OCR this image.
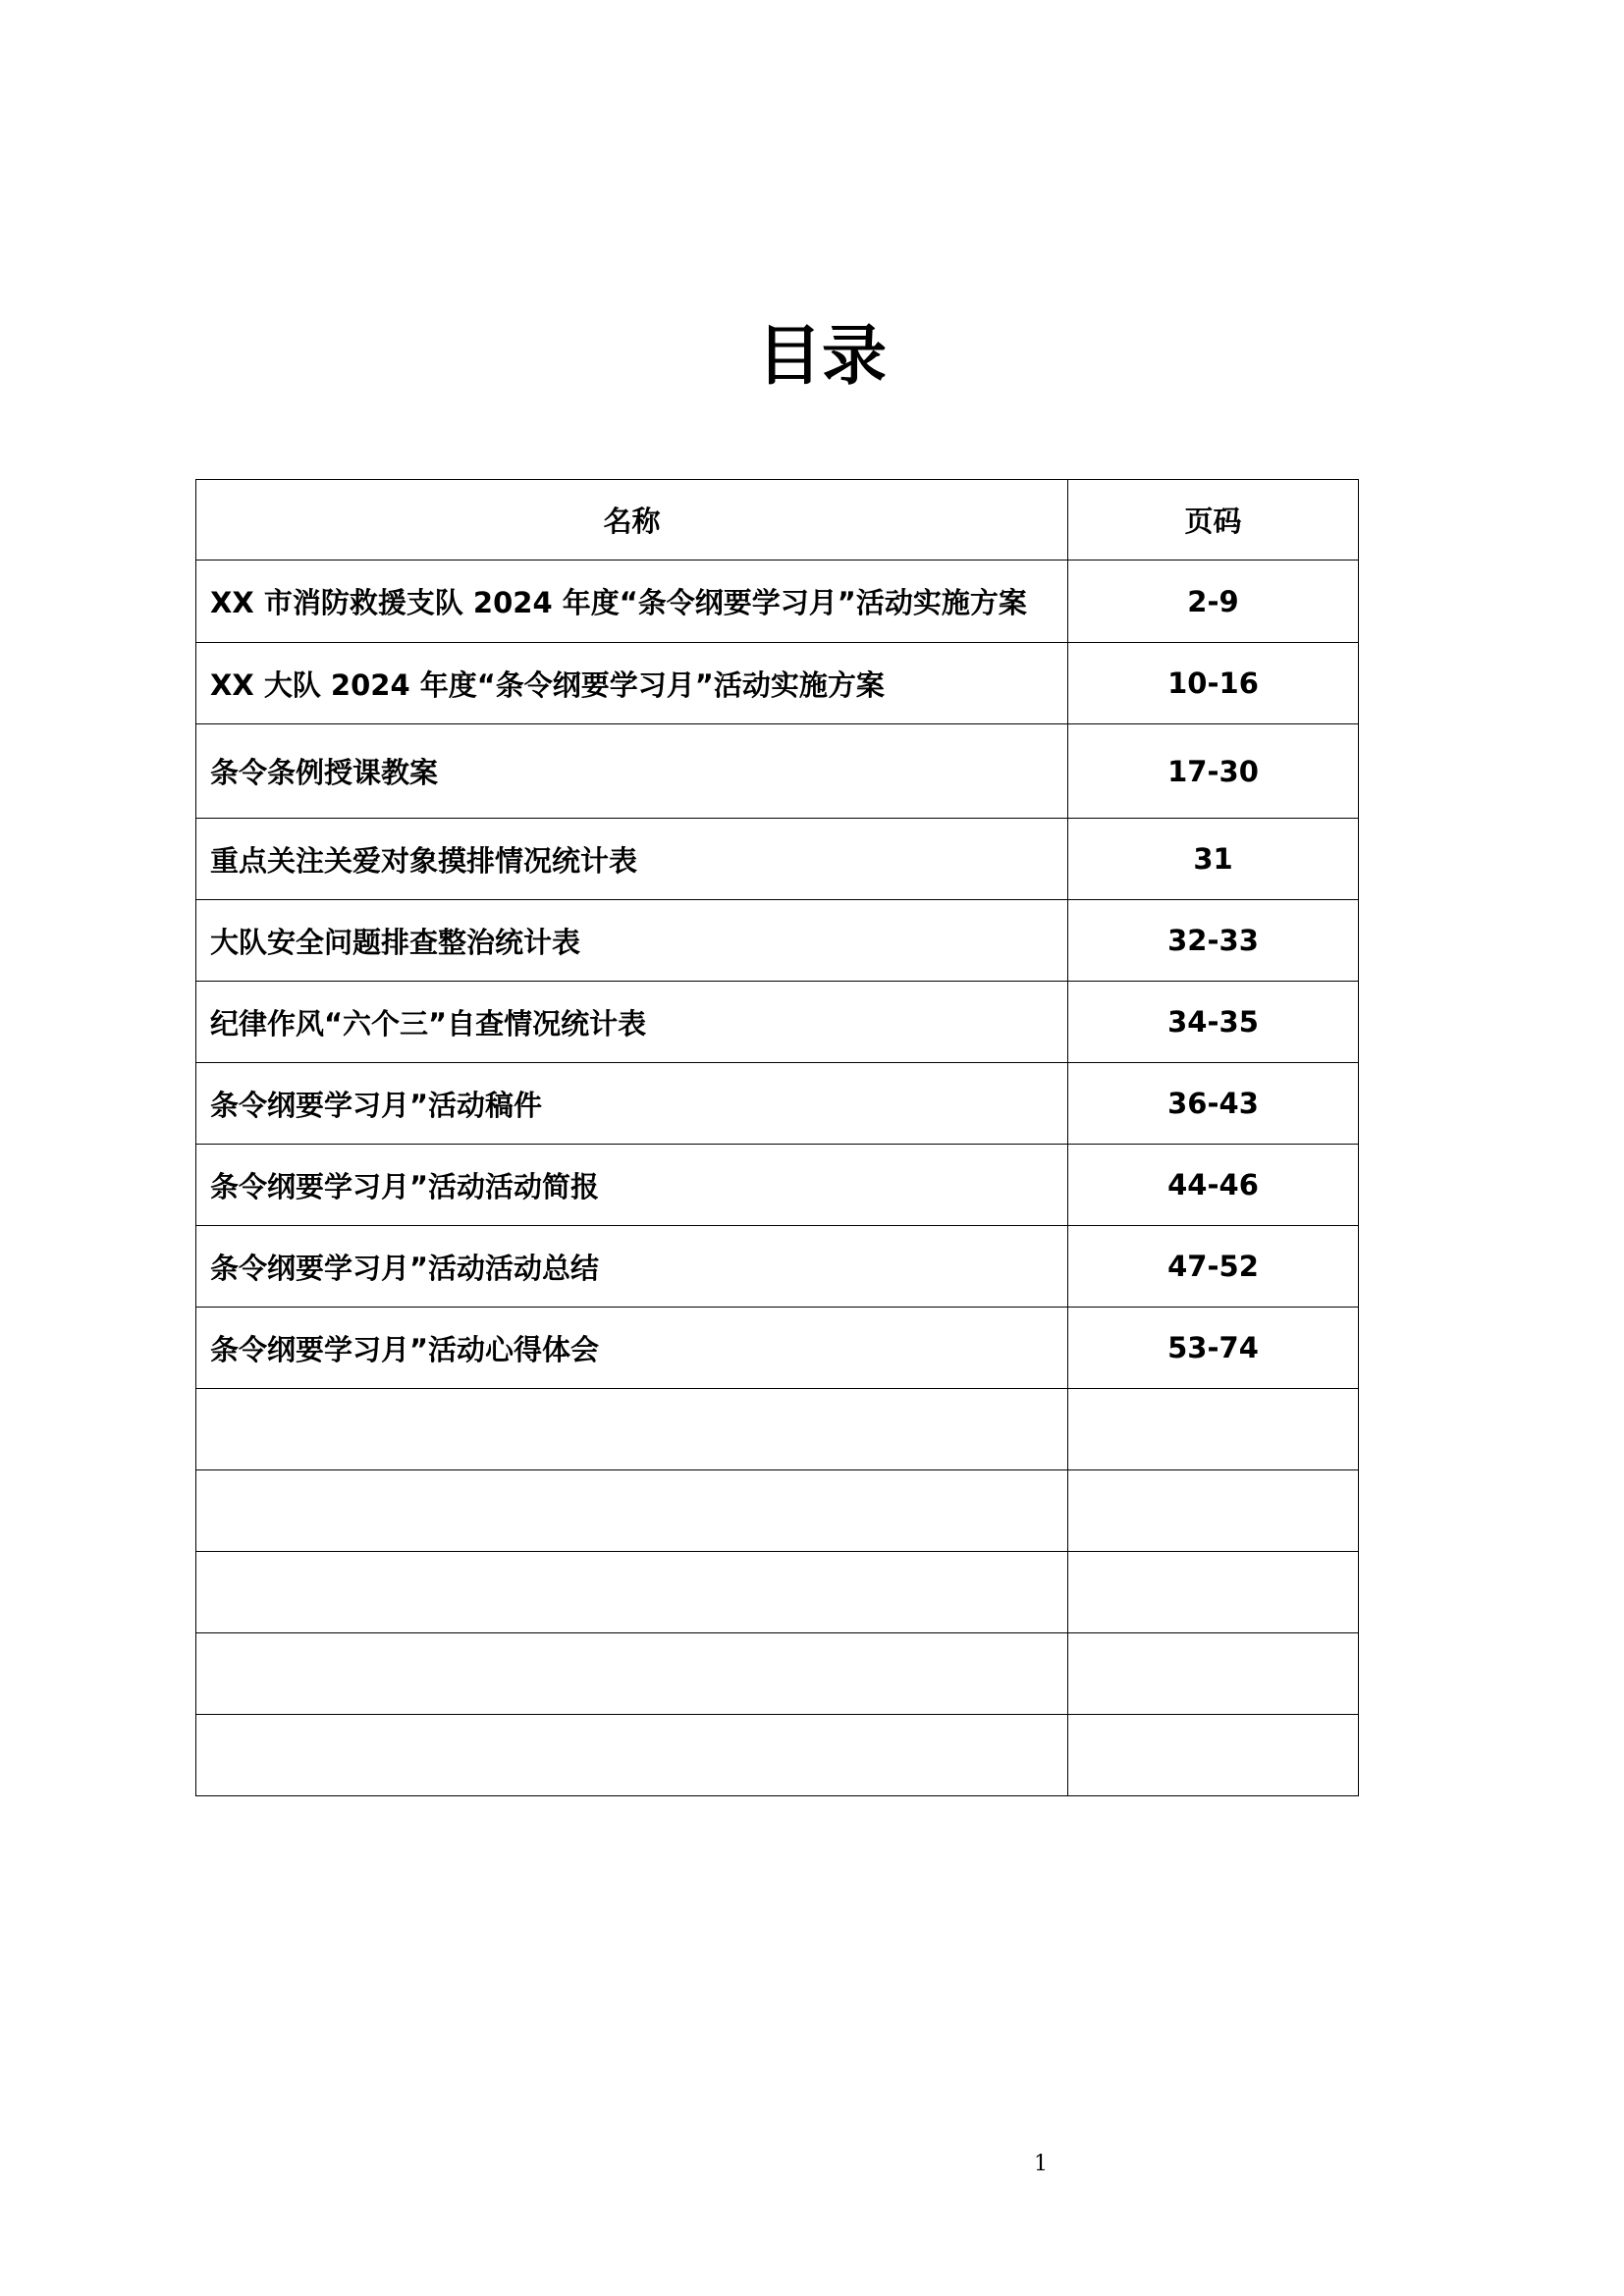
目录
名称	页码
XX 市消防救援支队 2024 年度“条令纲要学习月”活动实施方案	2-9
XX 大队 2024 年度“条令纲要学习月”活动实施方案	10-16
条令条例授课教案	17-30
重点关注关爱对象摸排情况统计表	31
大队安全问题排查整治统计表	32-33
纪律作风“六个三”自查情况统计表	34-35
条令纲要学习月”活动稿件	36-43
条令纲要学习月”活动活动简报	44-46
条令纲要学习月”活动活动总结	47-52
条令纲要学习月”活动心得体会	53-74

1
